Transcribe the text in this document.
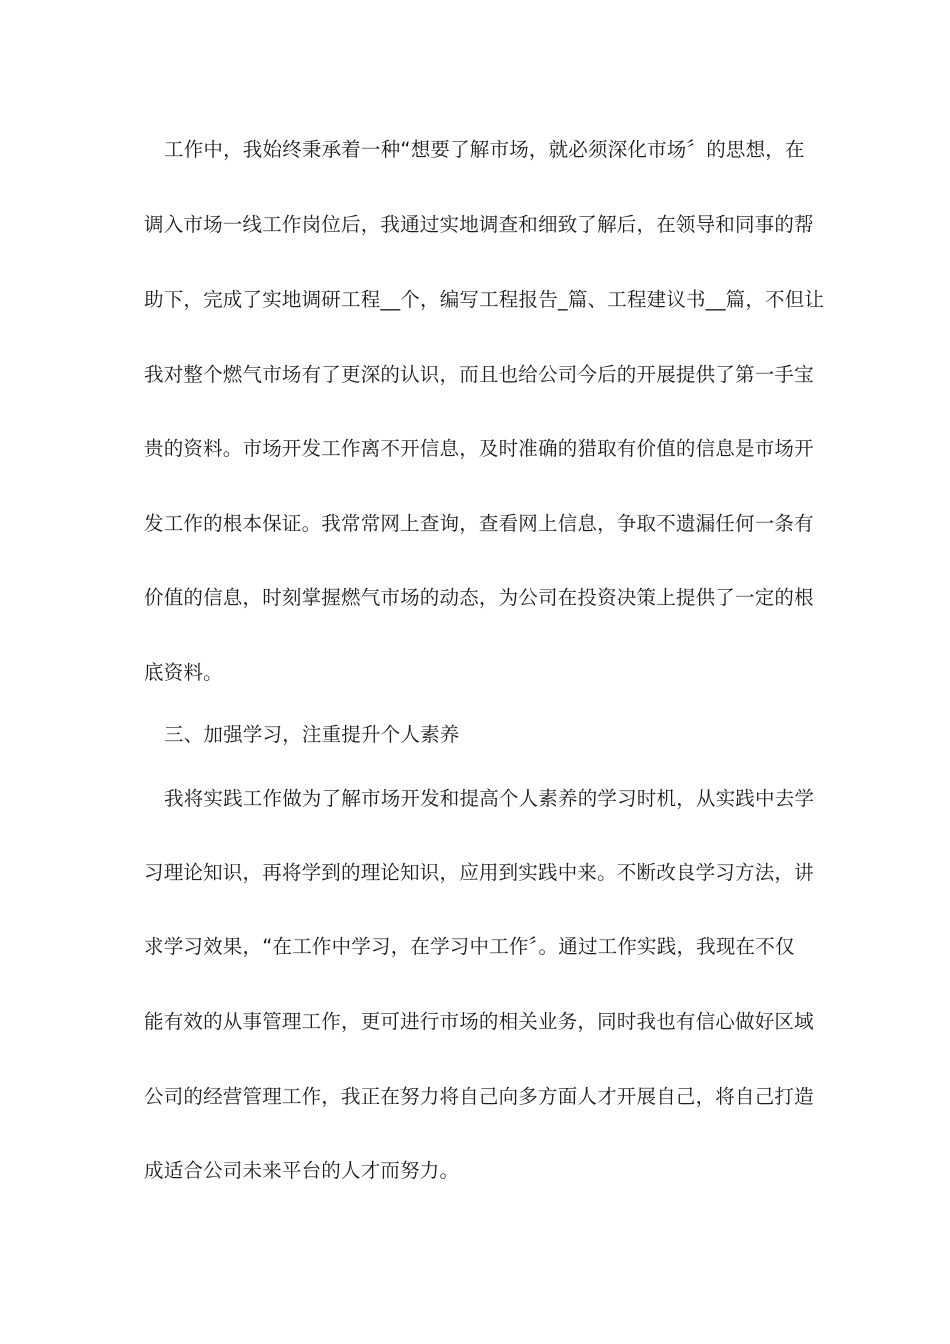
工作中，我始终秉承着一种“想要了解市场，就必须深化市场〞的思想，在
调入市场一线工作岗位后，我通过实地调查和细致了解后，在领导和同事的帮
助下，完成了实地调研工程__个，编写工程报告_篇、工程建议书__篇，不但让
我对整个燃气市场有了更深的认识，而且也给公司今后的开展提供了第一手宝
贵的资料。市场开发工作离不开信息，及时准确的猎取有价值的信息是市场开
发工作的根本保证。我常常网上查询，查看网上信息，争取不遗漏任何一条有
价值的信息，时刻掌握燃气市场的动态，为公司在投资决策上提供了一定的根
底资料。
三、加强学习，注重提升个人素养
我将实践工作做为了解市场开发和提高个人素养的学习时机，从实践中去学
习理论知识，再将学到的理论知识，应用到实践中来。不断改良学习方法，讲
求学习效果，“在工作中学习，在学习中工作〞。通过工作实践，我现在不仅
能有效的从事管理工作，更可进行市场的相关业务，同时我也有信心做好区域
公司的经营管理工作，我正在努力将自己向多方面人才开展自己，将自己打造
成适合公司未来平台的人才而努力。
